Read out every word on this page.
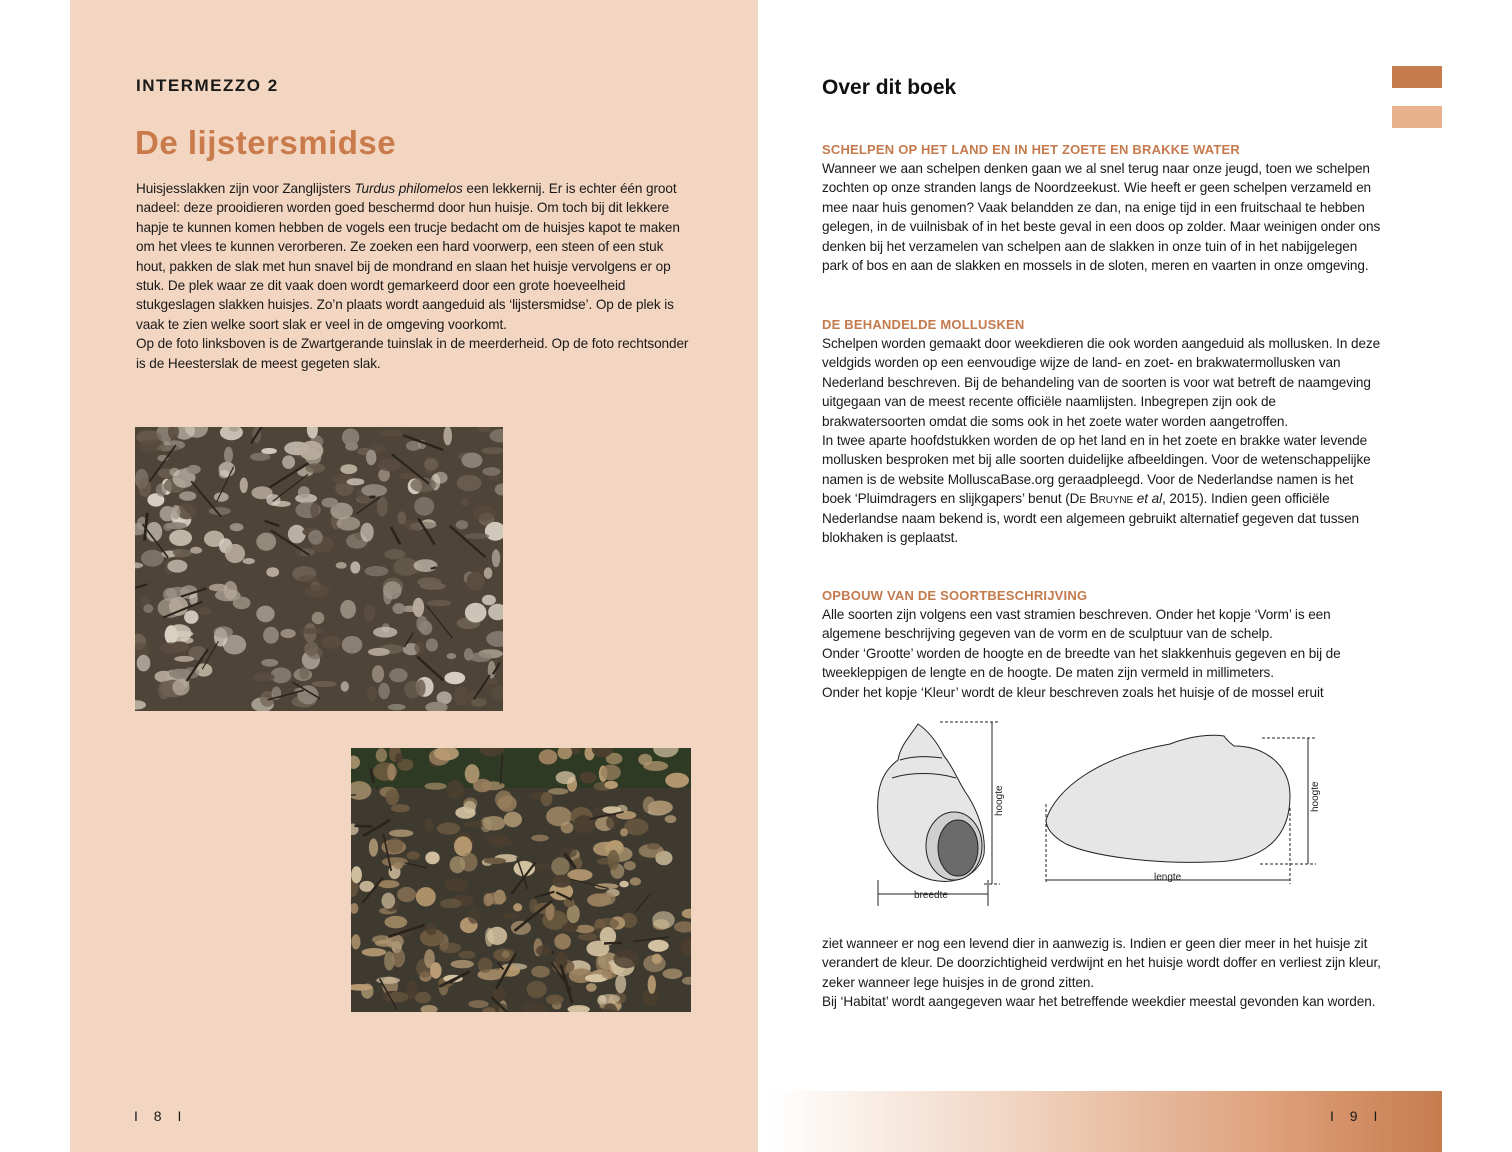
INTERMEZZO 2
De lijstersmidse

Huisjesslakken zijn voor Zanglijsters Turdus philomelos een lekkernij. Er is echter één groot nadeel: deze prooidieren worden goed beschermd door hun huisje. Om toch bij dit lekkere hapje te kunnen komen hebben de vogels een trucje bedacht om de huisjes kapot te maken om het vlees te kunnen verorberen. Ze zoeken een hard voorwerp, een steen of een stuk hout, pakken de slak met hun snavel bij de mondrand en slaan het huisje vervolgens er op stuk. De plek waar ze dit vaak doen wordt gemarkeerd door een grote hoeveelheid stukgeslagen slakken huisjes. Zo’n plaats wordt aangeduid als ‘lijstersmidse’. Op de plek is vaak te zien welke soort slak er veel in de omgeving voorkomt.

Op de foto linksboven is de Zwartgerande tuinslak in de meerderheid. Op de foto rechtsonder is de Heesterslak de meest gegeten slak.

I 8 I
Over dit boek
SCHELPEN OP HET LAND EN IN HET ZOETE EN BRAKKE WATER

Wanneer we aan schelpen denken gaan we al snel terug naar onze jeugd, toen we schelpen zochten op onze stranden langs de Noordzeekust. Wie heeft er geen schelpen verzameld en mee naar huis genomen? Vaak belandden ze dan, na enige tijd in een fruitschaal te hebben gelegen, in de vuilnisbak of in het beste geval in een doos op zolder. Maar weinigen onder ons denken bij het verzamelen van schelpen aan de slakken in onze tuin of in het nabijgelegen park of bos en aan de slakken en mossels in de sloten, meren en vaarten in onze omgeving.

DE BEHANDELDE MOLLUSKEN

Schelpen worden gemaakt door weekdieren die ook worden aangeduid als mollusken. In deze veldgids worden op een eenvoudige wijze de land- en zoet- en brakwatermollusken van Nederland beschreven. Bij de behandeling van de soorten is voor wat betreft de naamgeving uitgegaan van de meest recente officiële naamlijsten. Inbegrepen zijn ook de brakwatersoorten omdat die soms ook in het zoete water worden aangetroffen.

In twee aparte hoofdstukken worden de op het land en in het zoete en brakke water levende mollusken besproken met bij alle soorten duidelijke afbeeldingen. Voor de wetenschappelijke namen is de website MolluscaBase.org geraadpleegd. Voor de Nederlandse namen is het boek ‘Pluimdragers en slijkgapers’ benut (De Bruyne et al, 2015). Indien geen officiële Nederlandse naam bekend is, wordt een algemeen gebruikt alternatief gegeven dat tussen blokhaken is geplaatst.

OPBOUW VAN DE SOORTBESCHRIJVING

Alle soorten zijn volgens een vast stramien beschreven. Onder het kopje ‘Vorm’ is een algemene beschrijving gegeven van de vorm en de sculptuur van de schelp.

Onder ‘Grootte’ worden de hoogte en de breedte van het slakkenhuis gegeven en bij de tweekleppigen de lengte en de hoogte. De maten zijn vermeld in millimeters.

Onder het kopje ‘Kleur’ wordt de kleur beschreven zoals het huisje of de mossel eruit

hoogte
breedte
hoogte
lengte

ziet wanneer er nog een levend dier in aanwezig is. Indien er geen dier meer in het huisje zit verandert de kleur. De doorzichtigheid verdwijnt en het huisje wordt doffer en verliest zijn kleur, zeker wanneer lege huisjes in de grond zitten.

Bij ‘Habitat’ wordt aangegeven waar het betreffende weekdier meestal gevonden kan worden.

I 9 I
